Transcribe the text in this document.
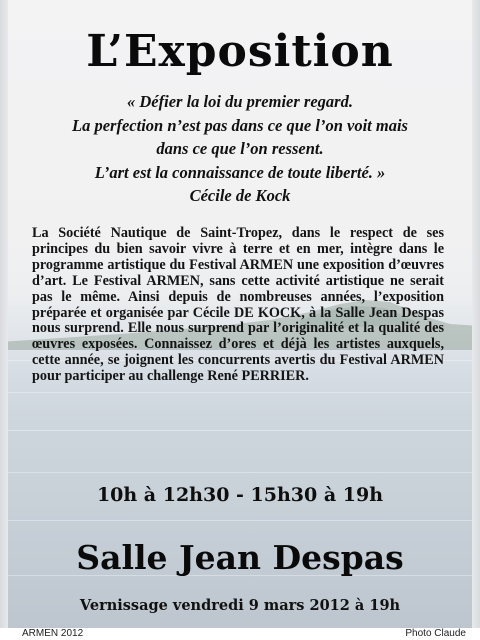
L’Exposition
« Défier la loi du premier regard.
La perfection n’est pas dans ce que l’on voit mais
dans ce que l’on ressent.
L’art est la connaissance de toute liberté. »
Cécile de Kock
La Société Nautique de Saint-Tropez, dans le respect de ses principes du bien savoir vivre à terre et en mer, intègre dans le programme artistique du Festival ARMEN une exposition d’œuvres d’art. Le Festival ARMEN, sans cette activité artistique ne serait pas le même. Ainsi depuis de nombreuses années, l’exposition préparée et organisée par Cécile DE KOCK, à la Salle Jean Despas nous surprend. Elle nous surprend par l’originalité et la qualité des œuvres exposées. Connaissez d’ores et déjà les artistes auxquels, cette année, se joignent les concurrents avertis du Festival ARMEN pour participer au challenge René PERRIER.
10h à 12h30 - 15h30 à 19h
Salle Jean Despas
Vernissage vendredi 9 mars 2012 à 19h
ARMEN 2012	Photo Claude
